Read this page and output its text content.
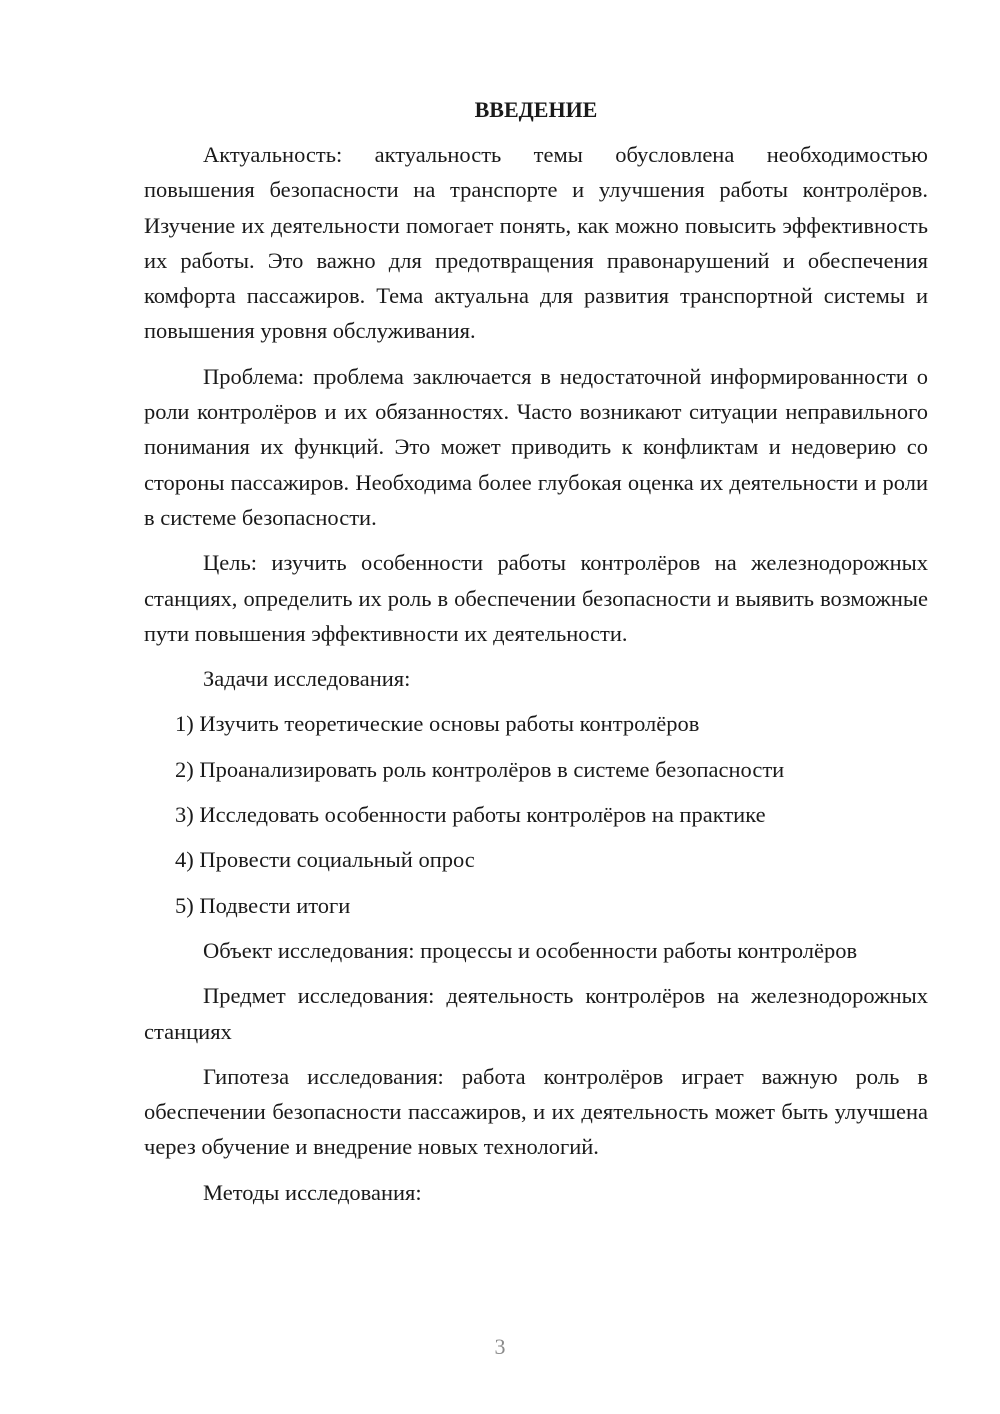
ВВЕДЕНИЕ

Актуальность: актуальность темы обусловлена необходимостью повышения безопасности на транспорте и улучшения работы контролёров. Изучение их деятельности помогает понять, как можно повысить эффективность их работы. Это важно для предотвращения правонарушений и обеспечения комфорта пассажиров. Тема актуальна для развития транспортной системы и повышения уровня обслуживания.

Проблема: проблема заключается в недостаточной информированности о роли контролёров и их обязанностях. Часто возникают ситуации неправильного понимания их функций. Это может приводить к конфликтам и недоверию со стороны пассажиров. Необходима более глубокая оценка их деятельности и роли в системе безопасности.

Цель: изучить особенности работы контролёров на железнодорожных станциях, определить их роль в обеспечении безопасности и выявить возможные пути повышения эффективности их деятельности.

Задачи исследования:

1) Изучить теоретические основы работы контролёров
2) Проанализировать роль контролёров в системе безопасности
3) Исследовать особенности работы контролёров на практике
4) Провести социальный опрос
5) Подвести итоги

Объект исследования: процессы и особенности работы контролёров

Предмет исследования: деятельность контролёров на железнодорожных станциях

Гипотеза исследования: работа контролёров играет важную роль в обеспечении безопасности пассажиров, и их деятельность может быть улучшена через обучение и внедрение новых технологий.

Методы исследования:

3
